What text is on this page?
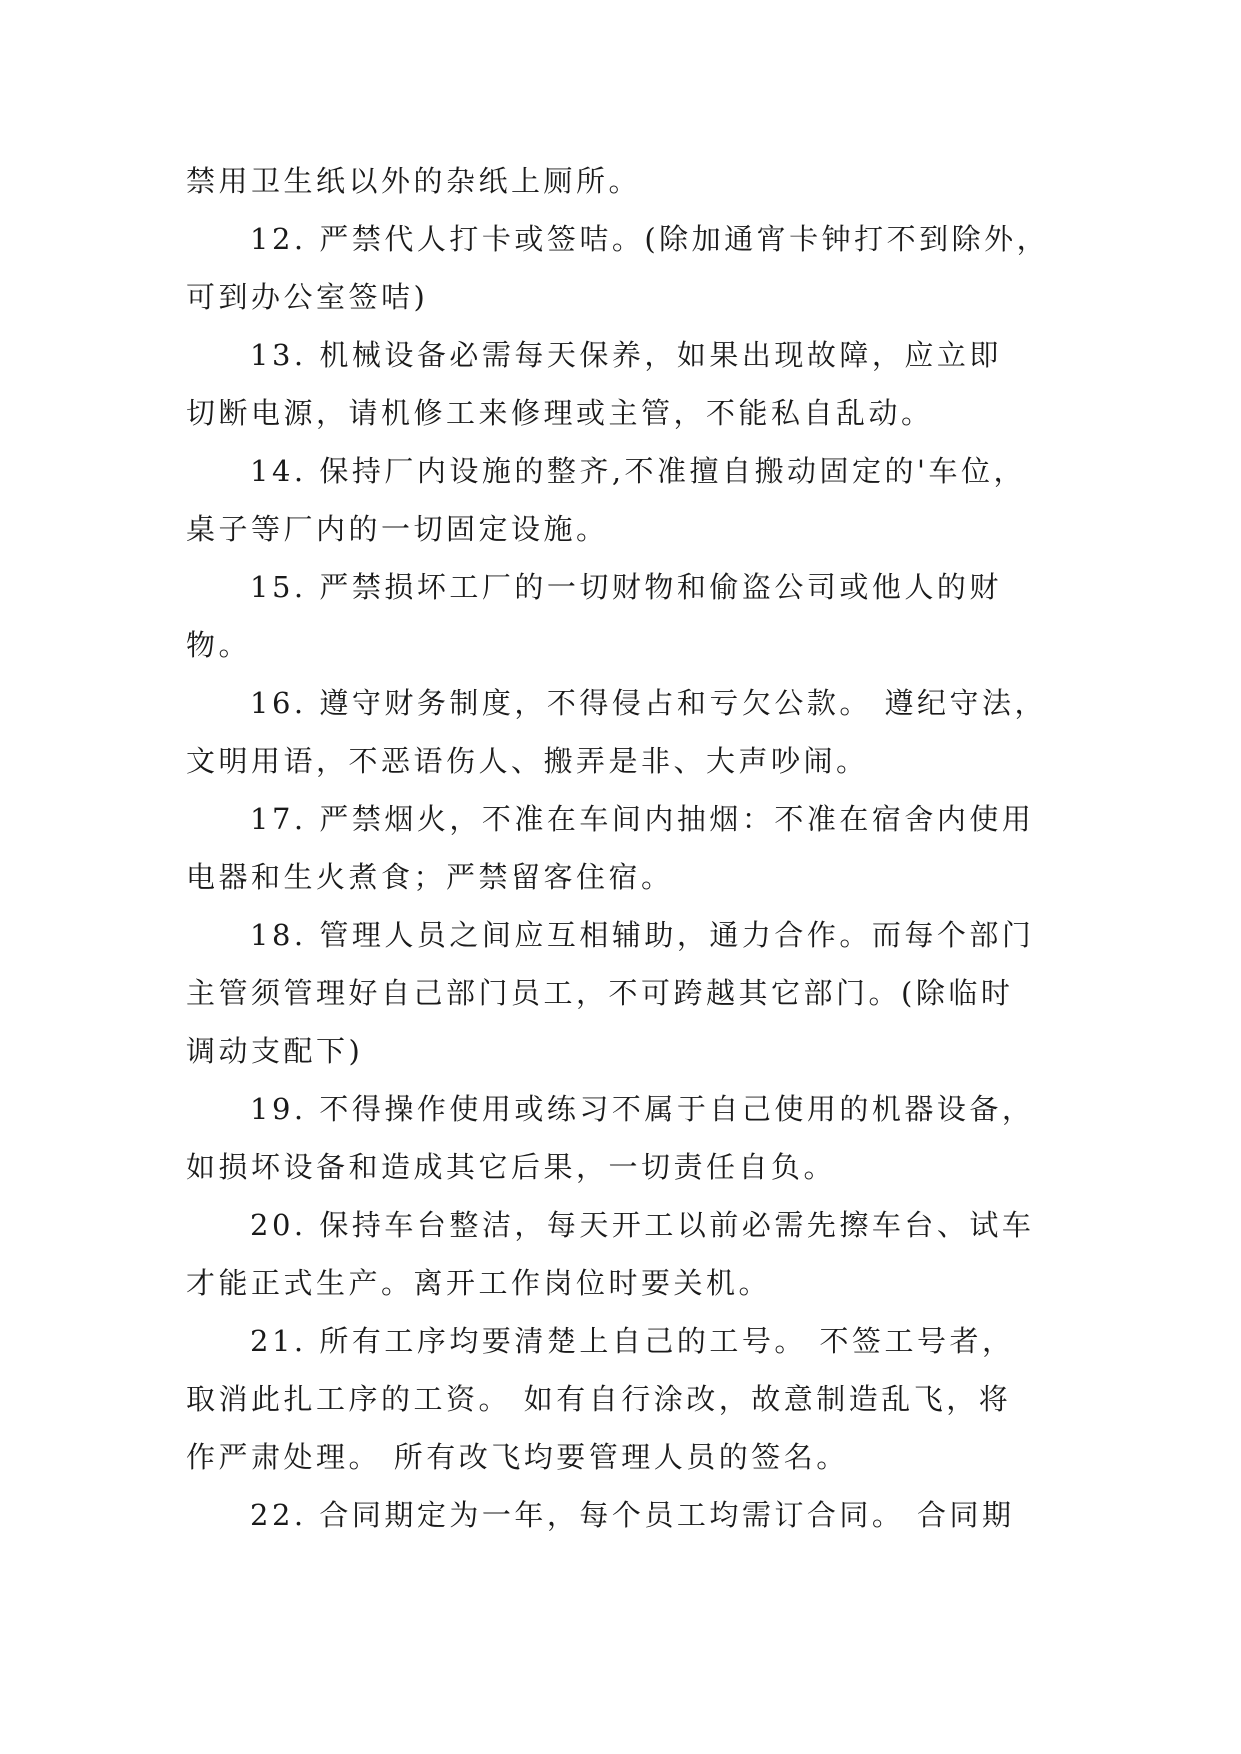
禁用卫生纸以外的杂纸上厕所。
12. 严禁代人打卡或签咭。(除加通宵卡钟打不到除外，
可到办公室签咭)
13. 机械设备必需每天保养，如果出现故障，应立即
切断电源，请机修工来修理或主管，不能私自乱动。
14. 保持厂内设施的整齐,不准擅自搬动固定的'车位，
桌子等厂内的一切固定设施。
15. 严禁损坏工厂的一切财物和偷盗公司或他人的财
物。
16. 遵守财务制度，不得侵占和亏欠公款。 遵纪守法，
文明用语，不恶语伤人、搬弄是非、大声吵闹。
17. 严禁烟火，不准在车间内抽烟：不准在宿舍内使用
电器和生火煮食；严禁留客住宿。
18. 管理人员之间应互相辅助，通力合作。而每个部门
主管须管理好自己部门员工，不可跨越其它部门。(除临时
调动支配下)
19. 不得操作使用或练习不属于自己使用的机器设备，
如损坏设备和造成其它后果，一切责任自负。
20. 保持车台整洁，每天开工以前必需先擦车台、试车
才能正式生产。离开工作岗位时要关机。
21. 所有工序均要清楚上自己的工号。 不签工号者，
取消此扎工序的工资。 如有自行涂改，故意制造乱飞，将
作严肃处理。 所有改飞均要管理人员的签名。
22. 合同期定为一年，每个员工均需订合同。 合同期
